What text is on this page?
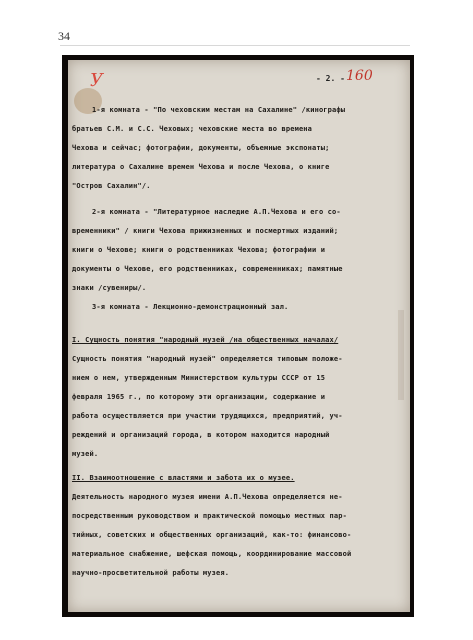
34
У	- 2. - 160

1-я комната - "По чеховским местам на Сахалине" /кинографы

братьев С.М. и С.С. Чеховых; чеховские места во времена

Чехова и сейчас; фотографии, документы, объемные экспонаты;

литература о Сахалине времен Чехова и после Чехова, о книге

"Остров Сахалин"/.

2-я комната - "Литературное наследие А.П.Чехова и его со-

временники" / книги Чехова прижизненных и посмертных изданий;

книги о Чехове; книги о родственниках Чехова; фотографии и

документы о Чехове, его родственниках, современниках; памятные

знаки /сувениры/.

3-я комната - Лекционно-демонстрационный зал.

I. Сущность понятия "народный музей /на общественных началах/

Сущность понятия "народный музей" определяется типовым положе-

нием о нем, утвержденным Министерством культуры СССР от 15

февраля 1965 г., по которому эти организации, содержание и

работа осуществляется при участии трудящихся, предприятий, уч-

реждений и организаций города, в котором находится народный

музей.

II. Взаимоотношение с властями и забота их о музее.

Деятельность народного музея имени А.П.Чехова определяется не-

посредственным руководством и практической помощью местных пар-

тийных, советских и общественных организаций, как-то: финансово-

материальное снабжение, шефская помощь, координирование массовой

научно-просветительной работы музея.
